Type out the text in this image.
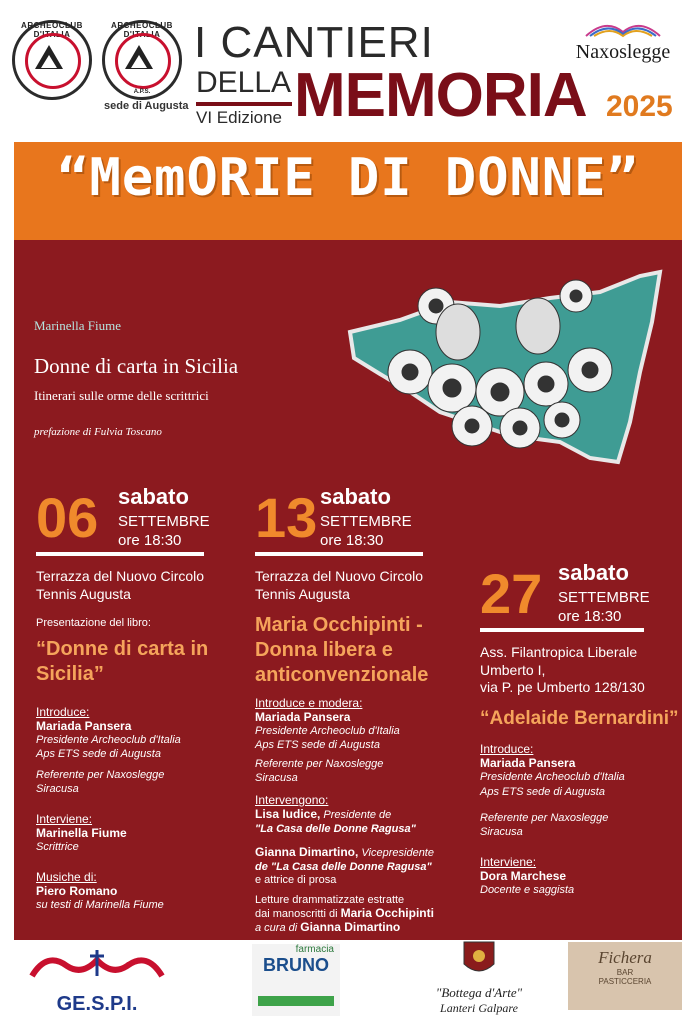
ARCHEOCLUB D'ITALIA
ARCHEOCLUB D'ITALIA
A.P.S.
sede di Augusta
I CANTIERI
DELLA
VI Edizione MEMORIA 2025
Naxoslegge
“MemORIE DI DONNE”
Marinella Fiume
Donne di carta in Sicilia
Itinerari sulle orme delle scrittrici
prefazione di Fulvia Toscano
06 sabato
SETTEMBRE
ore 18:30
Terrazza del Nuovo Circolo
Tennis Augusta
Presentazione del libro:
“Donne di carta in
Sicilia”
Introduce:
Mariada Pansera
Presidente Archeoclub d'Italia
Aps ETS sede di Augusta
Referente per Naxoslegge
Siracusa
Interviene:
Marinella Fiume
Scrittrice
Musiche di:
Piero Romano
su testi di Marinella Fiume
13 sabato
SETTEMBRE
ore 18:30
Terrazza del Nuovo Circolo
Tennis Augusta
Maria Occhipinti -
Donna libera e
anticonvenzionale
Introduce e modera:
Mariada Pansera
Presidente Archeoclub d'Italia
Aps ETS sede di Augusta
Referente per Naxoslegge
Siracusa
Intervengono:
Lisa Iudice, Presidente de
"La Casa delle Donne Ragusa"
Gianna Dimartino, Vicepresidente
de "La Casa delle Donne Ragusa"
e attrice di prosa
Letture drammatizzate estratte
dai manoscritti di Maria Occhipinti
a cura di Gianna Dimartino
27 sabato
SETTEMBRE
ore 18:30
Ass. Filantropica Liberale
Umberto I,
via P. pe Umberto 128/130
“Adelaide Bernardini”
Introduce:
Mariada Pansera
Presidente Archeoclub d'Italia
Aps ETS sede di Augusta
Referente per Naxoslegge
Siracusa
Interviene:
Dora Marchese
Docente e saggista
GE.S.P.I.
farmacia
BRUNO
"Bottega d'Arte"
Lanteri Galpare
Fichera
BAR
PASTICCERIA
